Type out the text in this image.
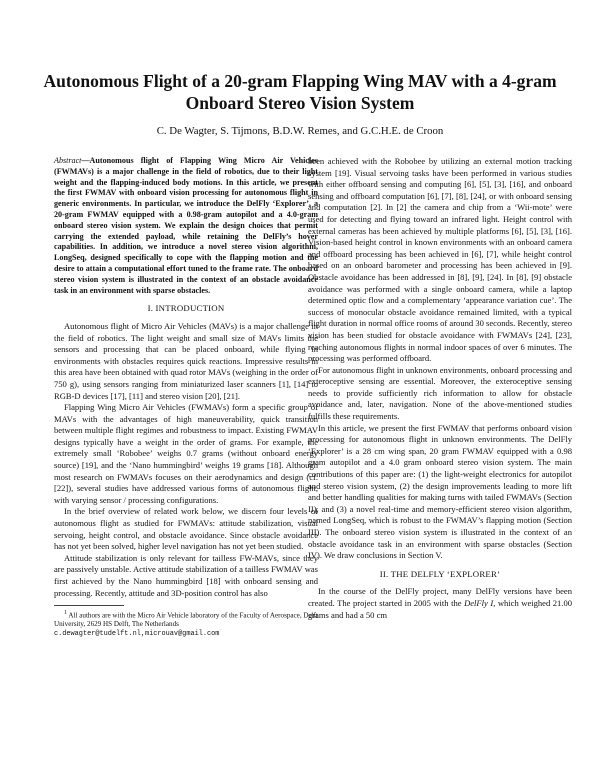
Autonomous Flight of a 20-gram Flapping Wing MAV with a 4-gram Onboard Stereo Vision System
C. De Wagter, S. Tijmons, B.D.W. Remes, and G.C.H.E. de Croon

Abstract—Autonomous flight of Flapping Wing Micro Air Vehicles (FWMAVs) is a major challenge in the field of robotics, due to their light weight and the flapping-induced body motions. In this article, we present the first FWMAV with onboard vision processing for autonomous flight in generic environments. In particular, we introduce the DelFly ‘Explorer’, a 20-gram FWMAV equipped with a 0.98-gram autopilot and a 4.0-gram onboard stereo vision system. We explain the design choices that permit carrying the extended payload, while retaining the DelFly’s hover capabilities. In addition, we introduce a novel stereo vision algorithm, LongSeq, designed specifically to cope with the flapping motion and the desire to attain a computational effort tuned to the frame rate. The onboard stereo vision system is illustrated in the context of an obstacle avoidance task in an environment with sparse obstacles.

I. INTRODUCTION

Autonomous flight of Micro Air Vehicles (MAVs) is a major challenge in the field of robotics. The light weight and small size of MAVs limits the sensors and processing that can be placed onboard, while flying in environments with obstacles requires quick reactions. Impressive results in this area have been obtained with quad rotor MAVs (weighing in the order of 750 g), using sensors ranging from miniaturized laser scanners [1], [14] to RGB-D devices [17], [11] and stereo vision [20], [21].

Flapping Wing Micro Air Vehicles (FWMAVs) form a specific group of MAVs with the advantages of high maneuverability, quick transition between multiple flight regimes and robustness to impact. Existing FWMAV designs typically have a weight in the order of grams. For example, the extremely small ‘Robobee’ weighs 0.7 grams (without onboard energy source) [19], and the ‘Nano hummingbird’ weighs 19 grams [18]. Although most research on FWMAVs focuses on their aerodynamics and design (cf. [22]), several studies have addressed various forms of autonomous flight, with varying sensor / processing configurations.

In the brief overview of related work below, we discern four levels of autonomous flight as studied for FWMAVs: attitude stabilization, visual servoing, height control, and obstacle avoidance. Since obstacle avoidance has not yet been solved, higher level navigation has not yet been studied.

Attitude stabilization is only relevant for tailless FW-MAVs, since they are passively unstable. Active attitude stabilization of a tailless FWMAV was first achieved by the Nano hummingbird [18] with onboard sensing and processing. Recently, attitude and 3D-position control has also

$^1$ All authors are with the Micro Air Vehicle laboratory of the Faculty of Aerospace, Delft University, 2629 HS Delft, The Netherlands
c.dewagter@tudelft.nl,microuav@gmail.com

been achieved with the Robobee by utilizing an external motion tracking system [19]. Visual servoing tasks have been performed in various studies with either offboard sensing and computing [6], [5], [3], [16], and onboard sensing and offboard computation [6], [7], [8], [24], or with onboard sensing and computation [2]. In [2] the camera and chip from a ‘Wii-mote’ were used for detecting and flying toward an infrared light. Height control with external cameras has been achieved by multiple platforms [6], [5], [3], [16]. Vision-based height control in known environments with an onboard camera and offboard processing has been achieved in [6], [7], while height control based on an onboard barometer and processing has been achieved in [9]. Obstacle avoidance has been addressed in [8], [9], [24]. In [8], [9] obstacle avoidance was performed with a single onboard camera, while a laptop determined optic flow and a complementary ‘appearance variation cue’. The success of monocular obstacle avoidance remained limited, with a typical flight duration in normal office rooms of around 30 seconds. Recently, stereo vision has been studied for obstacle avoidance with FWMAVs [24], [23], reaching autonomous flights in normal indoor spaces of over 6 minutes. The processing was performed offboard.

For autonomous flight in unknown environments, onboard processing and exteroceptive sensing are essential. Moreover, the exteroceptive sensing needs to provide sufficiently rich information to allow for obstacle avoidance and, later, navigation. None of the above-mentioned studies fulfills these requirements.

In this article, we present the first FWMAV that performs onboard vision processing for autonomous flight in unknown environments. The DelFly ‘Explorer’ is a 28 cm wing span, 20 gram FWMAV equipped with a 0.98 gram autopilot and a 4.0 gram onboard stereo vision system. The main contributions of this paper are: (1) the light-weight electronics for autopilot and stereo vision system, (2) the design improvements leading to more lift and better handling qualities for making turns with tailed FWMAVs (Section II), and (3) a novel real-time and memory-efficient stereo vision algorithm, named LongSeq, which is robust to the FWMAV’s flapping motion (Section III). The onboard stereo vision system is illustrated in the context of an obstacle avoidance task in an environment with sparse obstacles (Section IV). We draw conclusions in Section V.

II. THE DELFLY ‘EXPLORER’

In the course of the DelFly project, many DelFly versions have been created. The project started in 2005 with the DelFly I, which weighed 21.00 grams and had a 50 cm
